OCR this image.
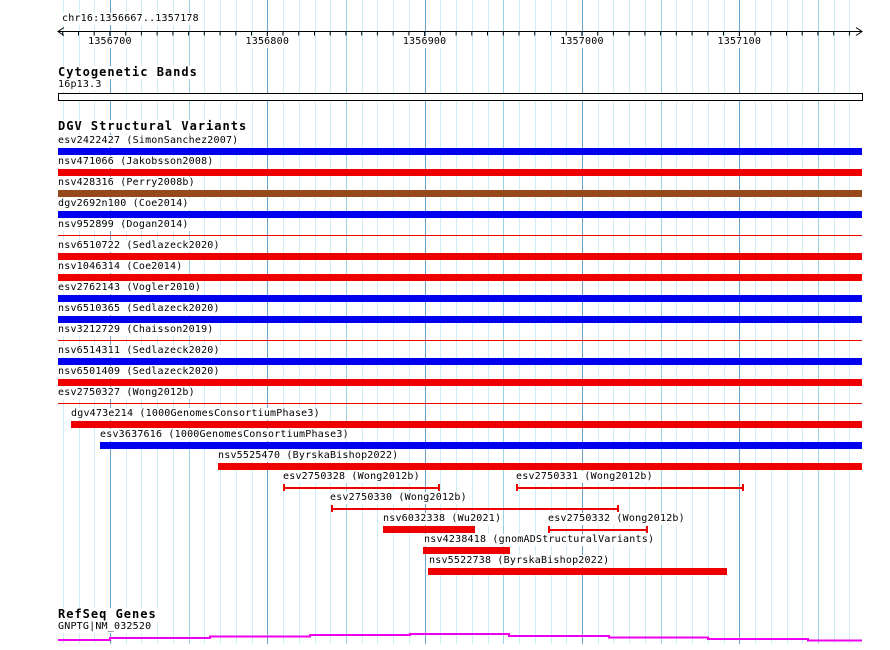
chr16:1356667..1357178
1356700	1356800	1356900	1357000	1357100
Cytogenetic Bands
16p13.3
DGV Structural Variants
esv2422427 (SimonSanchez2007)
nsv471066 (Jakobsson2008)
nsv428316 (Perry2008b)
dgv2692n100 (Coe2014)
nsv952899 (Dogan2014)
nsv6510722 (Sedlazeck2020)
nsv1046314 (Coe2014)
esv2762143 (Vogler2010)
nsv6510365 (Sedlazeck2020)
nsv3212729 (Chaisson2019)
nsv6514311 (Sedlazeck2020)
nsv6501409 (Sedlazeck2020)
esv2750327 (Wong2012b)
dgv473e214 (1000GenomesConsortiumPhase3)
esv3637616 (1000GenomesConsortiumPhase3)
nsv5525470 (ByrskaBishop2022)
esv2750328 (Wong2012b)	esv2750331 (Wong2012b)
esv2750330 (Wong2012b)
nsv6032338 (Wu2021)	esv2750332 (Wong2012b)
nsv4238418 (gnomADStructuralVariants)
nsv5522738 (ByrskaBishop2022)
RefSeq Genes
GNPTG|NM_032520
